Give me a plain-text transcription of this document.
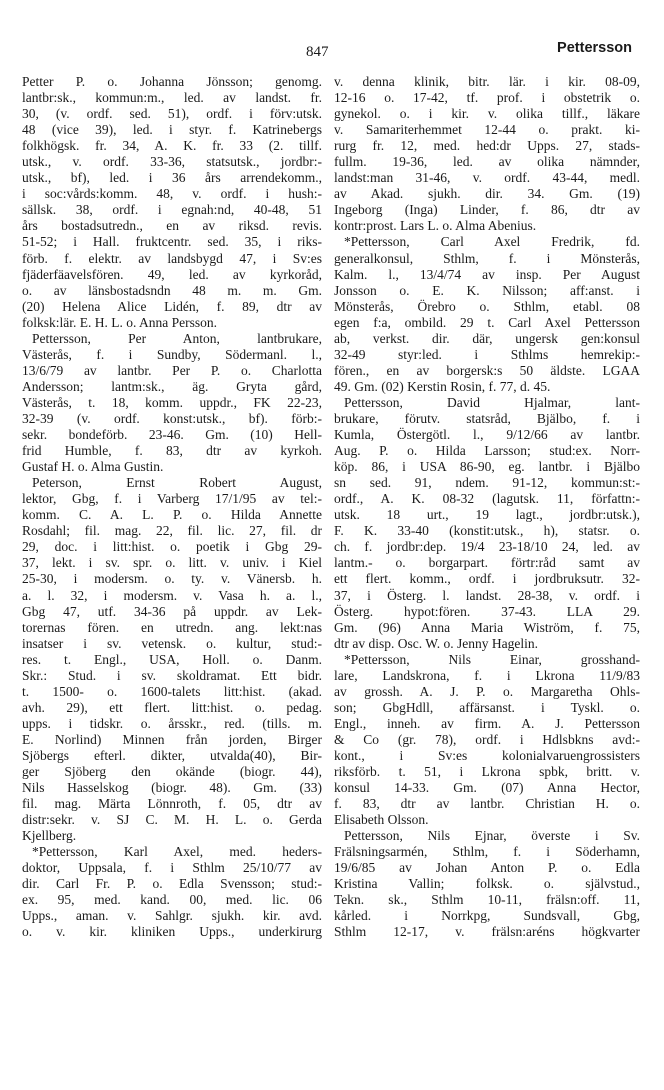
847	Pettersson
Petter P. o. Johanna Jönsson; genomg.
lantbr:sk., kommun:m., led. av landst. fr.
30, (v. ordf. sed. 51), ordf. i förv:utsk.
48 (vice 39), led. i styr. f. Katrinebergs
folkhögsk. fr. 34, A. K. fr. 33 (2. tillf.
utsk., v. ordf. 33-36, statsutsk., jordbr:-
utsk., bf), led. i 36 års arrendekomm.,
i soc:vårds:komm. 48, v. ordf. i hush:-
sällsk. 38, ordf. i egnah:nd, 40-48, 51
års bostadsutredn., en av riksd. revis.
51-52; i Hall. fruktcentr. sed. 35, i riks-
förb. f. elektr. av landsbygd 47, i Sv:es
fjäderfäavelsfören. 49, led. av kyrkoråd,
o. av länsbostadsndn 48 m. m. Gm.
(20) Helena Alice Lidén, f. 89, dtr av
folksk:lär. E. H. L. o. Anna Persson.
Pettersson, Per Anton, lantbrukare,
Västerås, f. i Sundby, Södermanl. l.,
13/6/79 av lantbr. Per P. o. Charlotta
Andersson; lantm:sk., äg. Gryta gård,
Västerås, t. 18, komm. uppdr., FK 22-23,
32-39 (v. ordf. konst:utsk., bf). förb:-
sekr. bondeförb. 23-46. Gm. (10) Hell-
frid Humble, f. 83, dtr av kyrkoh.
Gustaf H. o. Alma Gustin.
Peterson, Ernst Robert August,
lektor, Gbg, f. i Varberg 17/1/95 av tel:-
komm. C. A. L. P. o. Hilda Annette
Rosdahl; fil. mag. 22, fil. lic. 27, fil. dr
29, doc. i litt:hist. o. poetik i Gbg 29-
37, lekt. i sv. spr. o. litt. v. univ. i Kiel
25-30, i modersm. o. ty. v. Vänersb. h.
a. l. 32, i modersm. v. Vasa h. a. l.,
Gbg 47, utf. 34-36 på uppdr. av Lek-
torernas fören. en utredn. ang. lekt:nas
insatser i sv. vetensk. o. kultur, stud:-
res. t. Engl., USA, Holl. o. Danm.
Skr.: Stud. i sv. skoldramat. Ett bidr.
t. 1500- o. 1600-talets litt:hist. (akad.
avh. 29), ett flert. litt:hist. o. pedag.
upps. i tidskr. o. årsskr., red. (tills. m.
E. Norlind) Minnen från jorden, Birger
Sjöbergs efterl. dikter, utvalda(40), Bir-
ger Sjöberg den okände (biogr. 44),
Nils Hasselskog (biogr. 48). Gm. (33)
fil. mag. Märta Lönnroth, f. 05, dtr av
distr:sekr. v. SJ C. M. H. L. o. Gerda
Kjellberg.
*Pettersson, Karl Axel, med. heders-
doktor, Uppsala, f. i Sthlm 25/10/77 av
dir. Carl Fr. P. o. Edla Svensson; stud:-
ex. 95, med. kand. 00, med. lic. 06
Upps., aman. v. Sahlgr. sjukh. kir. avd.
o. v. kir. kliniken Upps., underkirurg
v. denna klinik, bitr. lär. i kir. 08-09,
12-16 o. 17-42, tf. prof. i obstetrik o.
gynekol. o. i kir. v. olika tillf., läkare
v. Samariterhemmet 12-44 o. prakt. ki-
rurg fr. 12, med. hed:dr Upps. 27, stads-
fullm. 19-36, led. av olika nämnder,
landst:man 31-46, v. ordf. 43-44, medl.
av Akad. sjukh. dir. 34. Gm. (19)
Ingeborg (Inga) Linder, f. 86, dtr av
kontr:prost. Lars L. o. Alma Abenius.
*Pettersson, Carl Axel Fredrik, fd.
generalkonsul, Sthlm, f. i Mönsterås,
Kalm. l., 13/4/74 av insp. Per August
Jonsson o. E. K. Nilsson; aff:anst. i
Mönsterås, Örebro o. Sthlm, etabl. 08
egen f:a, ombild. 29 t. Carl Axel Pettersson
ab, verkst. dir. där, ungersk gen:konsul
32-49 styr:led. i Sthlms hemrekip:-
fören., en av borgersk:s 50 äldste. LGAA
49. Gm. (02) Kerstin Rosin, f. 77, d. 45.
Pettersson, David Hjalmar, lant-
brukare, förutv. statsråd, Bjälbo, f. i
Kumla, Östergötl. l., 9/12/66 av lantbr.
Aug. P. o. Hilda Larsson; stud:ex. Norr-
köp. 86, i USA 86-90, eg. lantbr. i Bjälbo
sn sed. 91, ndem. 91-12, kommun:st:-
ordf., A. K. 08-32 (lagutsk. 11, författn:-
utsk. 18 urt., 19 lagt., jordbr:utsk.),
F. K. 33-40 (konstit:utsk., h), statsr. o.
ch. f. jordbr:dep. 19/4 23-18/10 24, led. av
lantm.- o. borgarpart. förtr:råd samt av
ett flert. komm., ordf. i jordbruksutr. 32-
37, i Österg. l. landst. 28-38, v. ordf. i
Österg. hypot:fören. 37-43. LLA 29.
Gm. (96) Anna Maria Wiström, f. 75,
dtr av disp. Osc. W. o. Jenny Hagelin.
*Pettersson, Nils Einar, grosshand-
lare, Landskrona, f. i Lkrona 11/9/83
av grossh. A. J. P. o. Margaretha Ohls-
son; GbgHdll, affärsanst. i Tyskl. o.
Engl., inneh. av firm. A. J. Pettersson
& Co (gr. 78), ordf. i Hdlsbkns avd:-
kont., i Sv:es kolonialvaruengrossisters
riksförb. t. 51, i Lkrona spbk, britt. v.
konsul 14-33. Gm. (07) Anna Hector,
f. 83, dtr av lantbr. Christian H. o.
Elisabeth Olsson.
Pettersson, Nils Ejnar, överste i Sv.
Frälsningsarmén, Sthlm, f. i Söderhamn,
19/6/85 av Johan Anton P. o. Edla
Kristina Vallin; folksk. o. självstud.,
Tekn. sk., Sthlm 10-11, frälsn:off. 11,
kårled. i Norrkpg, Sundsvall, Gbg,
Sthlm 12-17, v. frälsn:aréns högkvarter
